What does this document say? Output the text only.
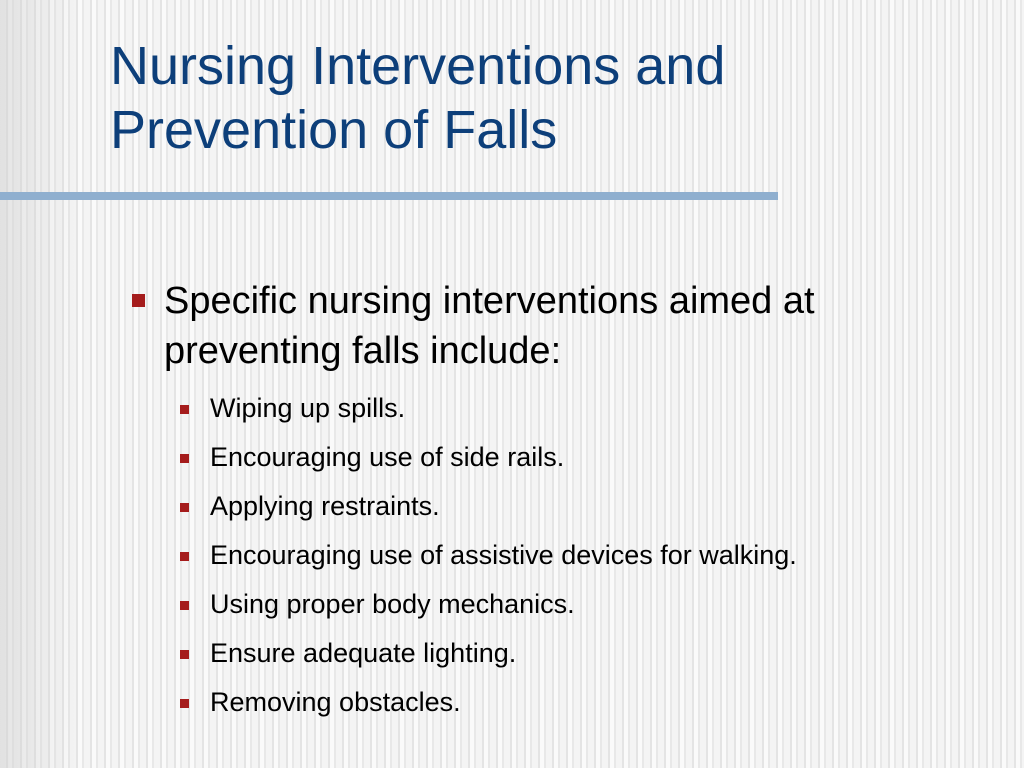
Nursing Interventions and
Prevention of Falls
Specific nursing interventions aimed at preventing falls include:
Wiping up spills.
Encouraging use of side rails.
Applying restraints.
Encouraging use of assistive devices for walking.
Using proper body mechanics.
Ensure adequate lighting.
Removing obstacles.
